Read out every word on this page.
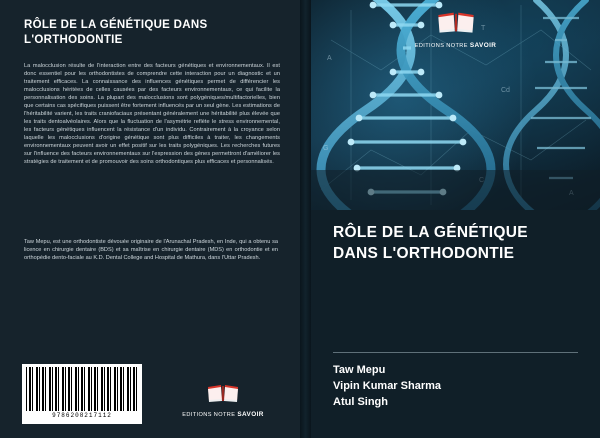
RÔLE DE LA GÉNÉTIQUE DANS
L'ORTHODONTIE
La malocclusion résulte de l'interaction entre des facteurs génétiques et environnementaux. Il est donc essentiel pour les orthodontistes de comprendre cette interaction pour un diagnostic et un traitement efficaces. La connaissance des influences génétiques permet de différencier les malocclusions héritées de celles causées par des facteurs environnementaux, ce qui facilite la personnalisation des soins. La plupart des malocclusions sont polygéniques/multifactorielles, bien que certains cas spécifiques puissent être fortement influencés par un seul gène. Les estimations de l'héritabilité varient, les traits craniofaciaux présentant généralement une héritabilité plus élevée que les traits dentoalvéolaires. Alors que la fluctuation de l'asymétrie reflète le stress environnemental, les facteurs génétiques influencent la résistance d'un individu. Contrairement à la croyance selon laquelle les malocclusions d'origine génétique sont plus difficiles à traiter, les changements environnementaux peuvent avoir un effet positif sur les traits polygéniques. Les recherches futures sur l'influence des facteurs environnementaux sur l'expression des gènes permettront d'améliorer les stratégies de traitement et de promouvoir des soins orthodontiques plus efficaces et personnalisés.
Taw Mepu, est une orthodontiste dévouée originaire de l'Arunachal Pradesh, en Inde, qui a obtenu sa licence en chirurgie dentaire (BDS) et sa maîtrise en chirurgie dentaire (MDS) en orthodontie et en orthopédie dento-faciale au K.D. Dental College and Hospital de Mathura, dans l'Uttar Pradesh.
9786208217112	EDITIONS NOTRE SAVOIR
A
T
Cd
G
EDITIONS NOTRE SAVOIR
RÔLE DE LA GÉNÉTIQUE
DANS L'ORTHODONTIE
Taw Mepu
Vipin Kumar Sharma
Atul Singh
